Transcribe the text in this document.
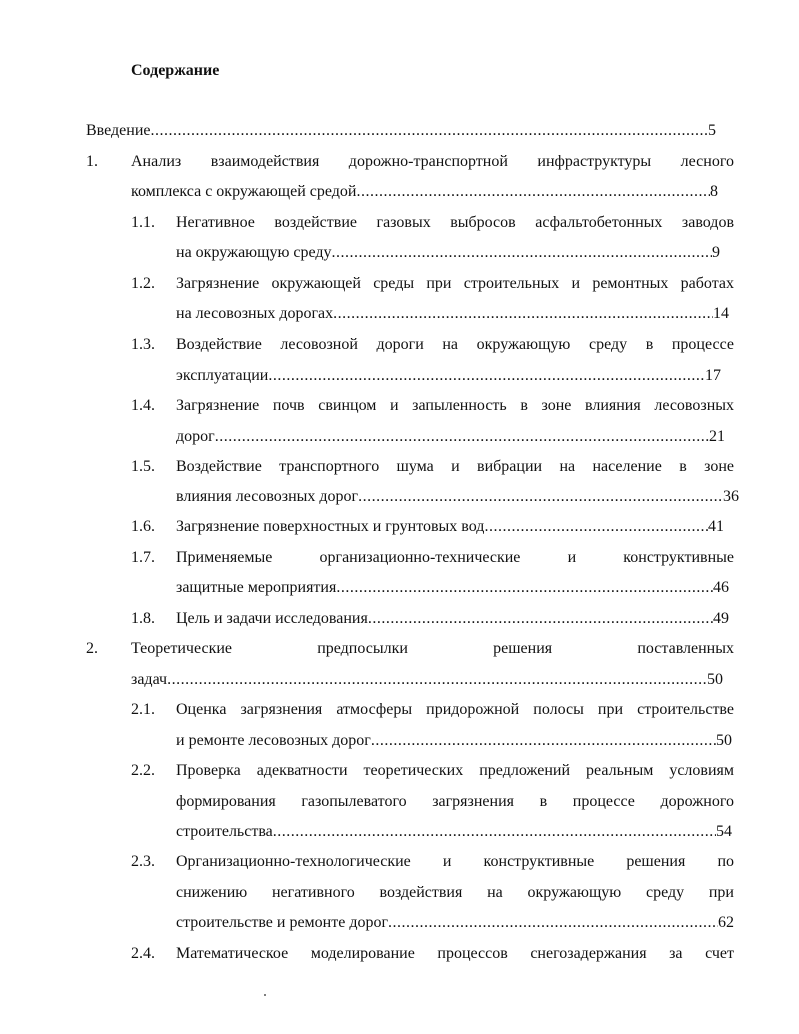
Содержание
Введение .....	5
1. Анализ взаимодействия дорожно-транспортной инфраструктуры лесного
комплекса с окружающей средой .....	8
1.1. Негативное воздействие газовых выбросов асфальтобетонных заводов
на окружающую среду .....	9
1.2. Загрязнение окружающей среды при строительных и ремонтных работах
на лесовозных дорогах .....	14
1.3. Воздействие лесовозной дороги на окружающую среду в процессе
эксплуатации .....	17
1.4. Загрязнение почв свинцом и запыленность в зоне влияния лесовозных
дорог .....	21
1.5. Воздействие транспортного шума и вибрации на население в зоне
влияния лесовозных дорог .....	36
1.6. Загрязнение поверхностных и грунтовых вод .....	41
1.7. Применяемые организационно-технические и конструктивные
защитные мероприятия .....	46
1.8. Цель и задачи исследования .....	49
2. Теоретические предпосылки решения поставленных
задач .....	50
2.1. Оценка загрязнения атмосферы придорожной полосы при строительстве
и ремонте лесовозных дорог .....	50
2.2. Проверка адекватности теоретических предложений реальным условиям
формирования газопылеватого загрязнения в процессе дорожного
строительства .....	54
2.3. Организационно-технологические и конструктивные решения по
снижению негативного воздействия на окружающую среду при
строительстве и ремонте дорог .....	62
2.4. Математическое моделирование процессов снегозадержания за счет
